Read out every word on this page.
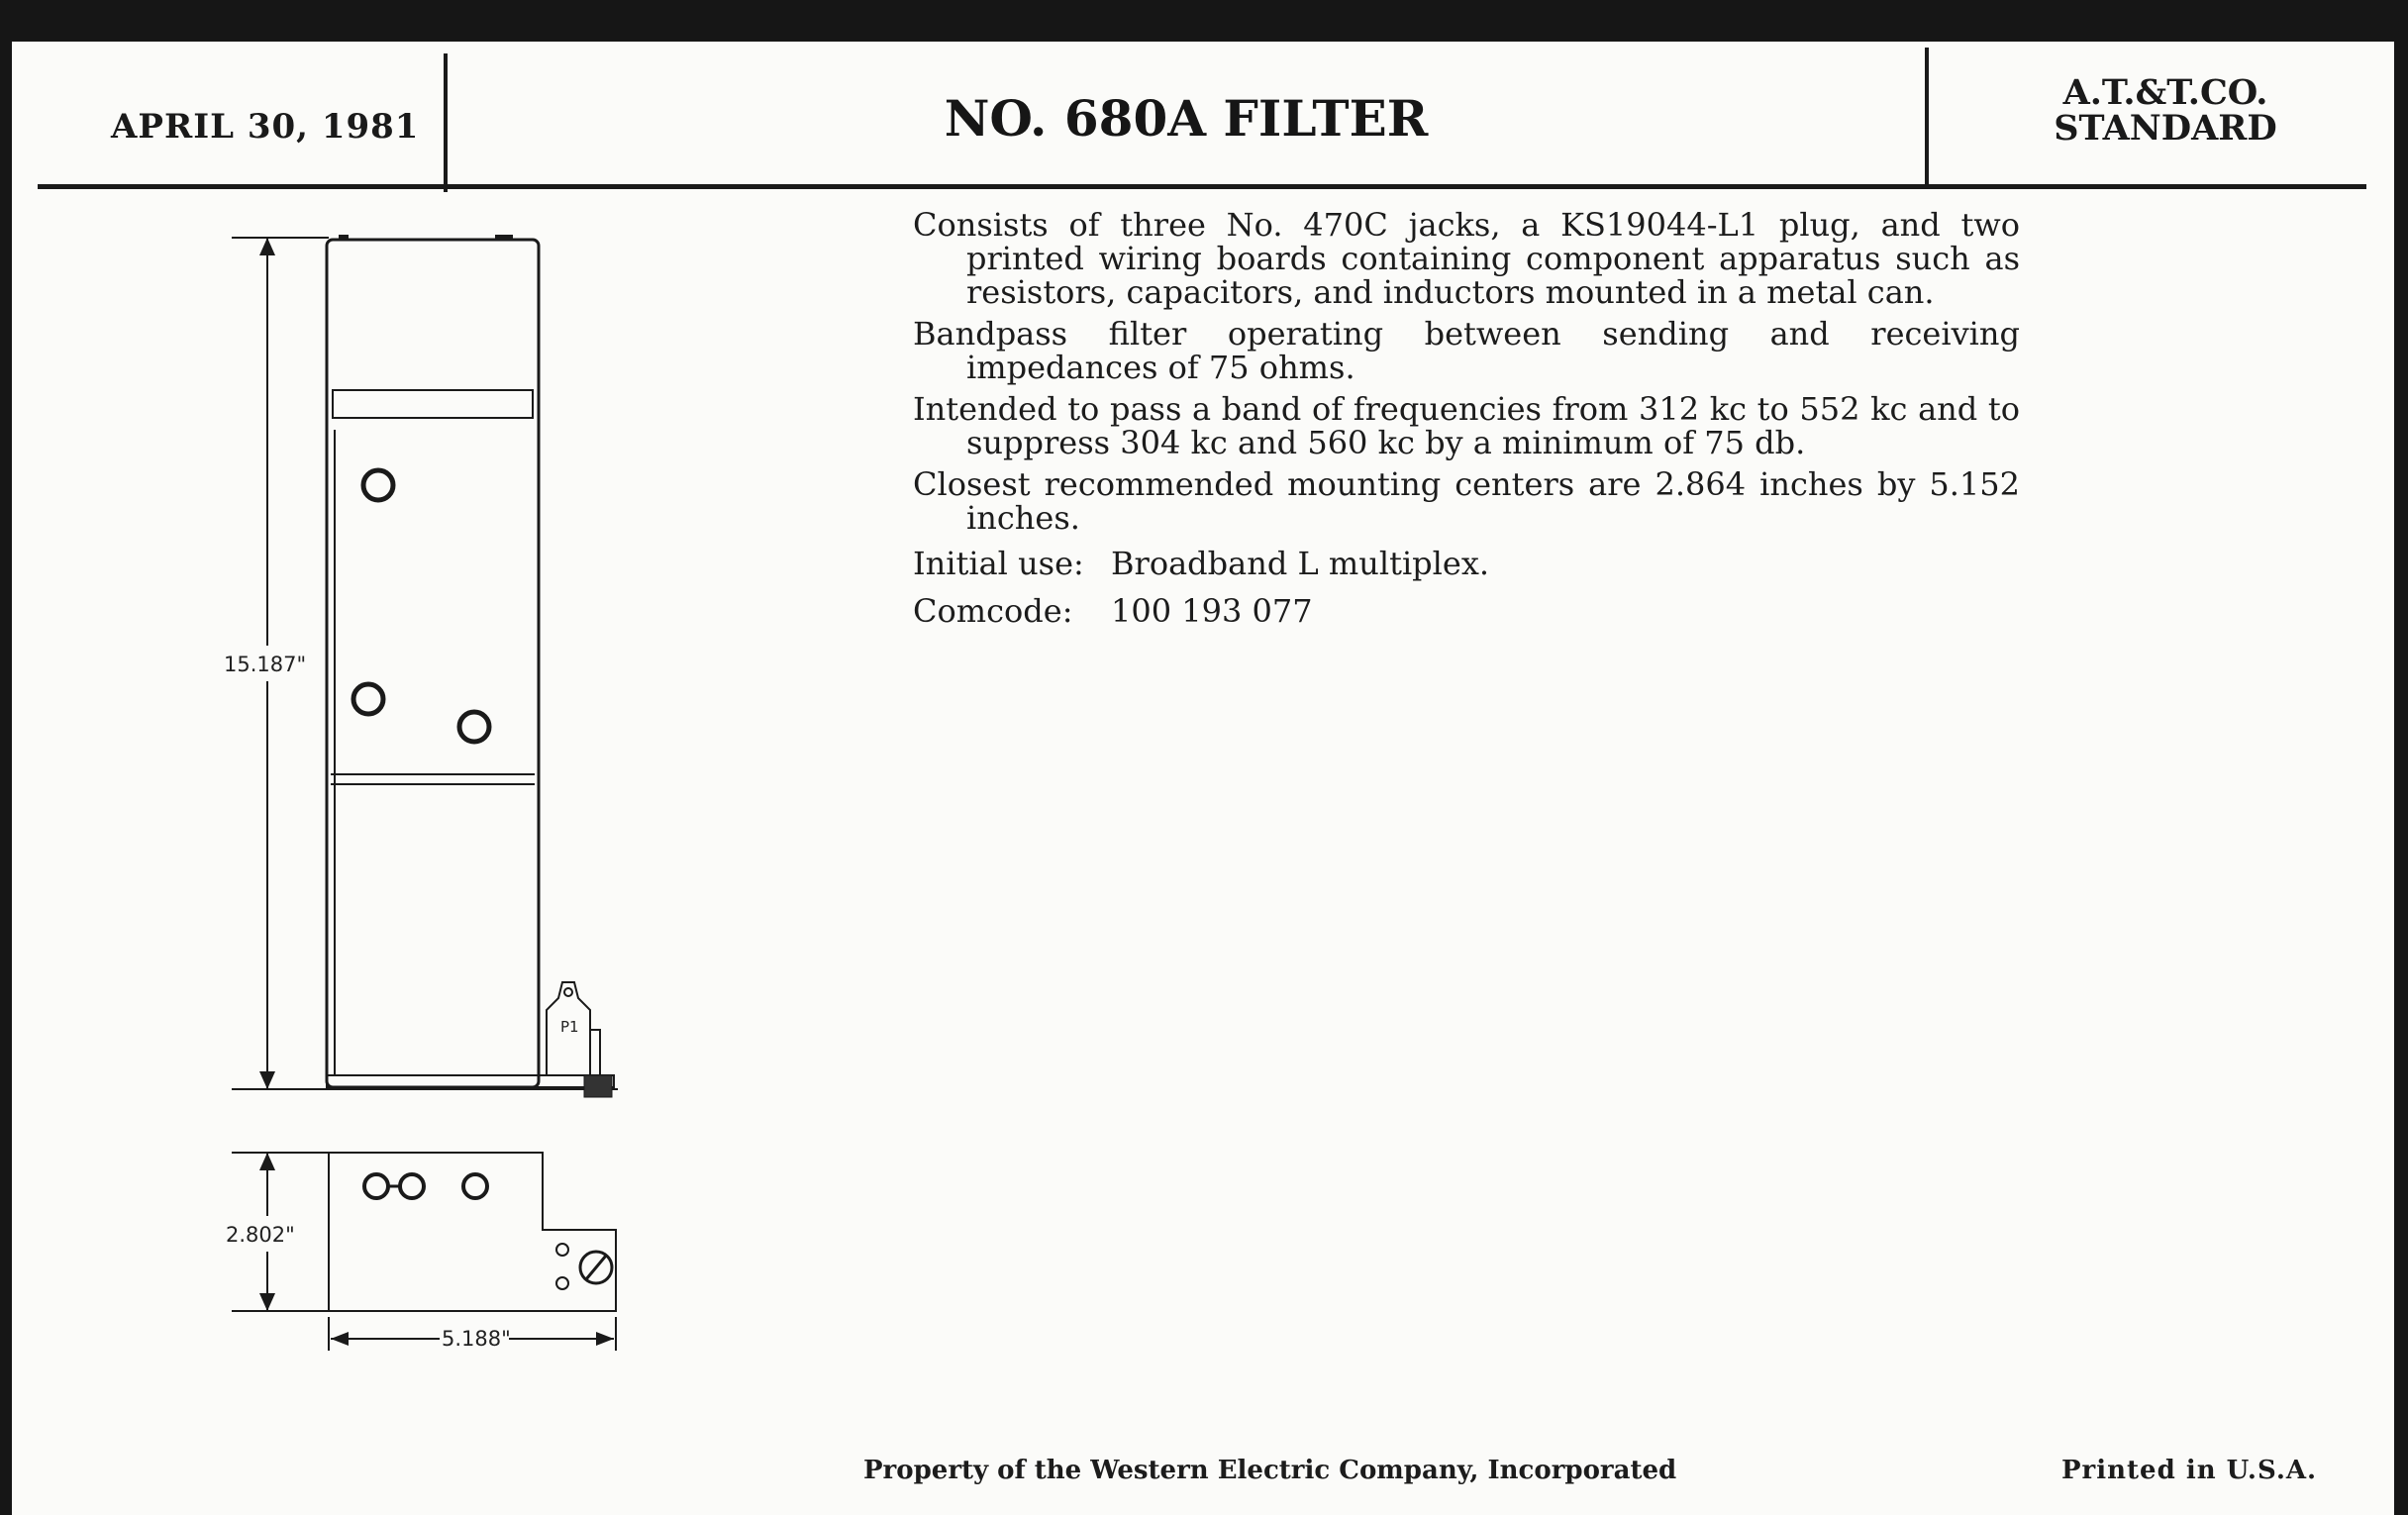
APRIL 30, 1981	NO. 680A FILTER	A.T.&T.CO.
STANDARD
Consists of three No. 470C jacks, a KS19044-L1 plug, and two printed wiring boards containing component apparatus such as resistors, capacitors, and inductors mounted in a metal can.
Bandpass filter operating between sending and receiving impedances of 75 ohms.
Intended to pass a band of frequencies from 312 kc to 552 kc and to suppress 304 kc and 560 kc by a minimum of 75 db.
Closest recommended mounting centers are 2.864 inches by 5.152 inches.
Initial use: Broadband L multiplex.
Comcode: 100 193 077
15.187"
2.802"
5.188"
P1
Property of the Western Electric Company, Incorporated	Printed in U.S.A.
